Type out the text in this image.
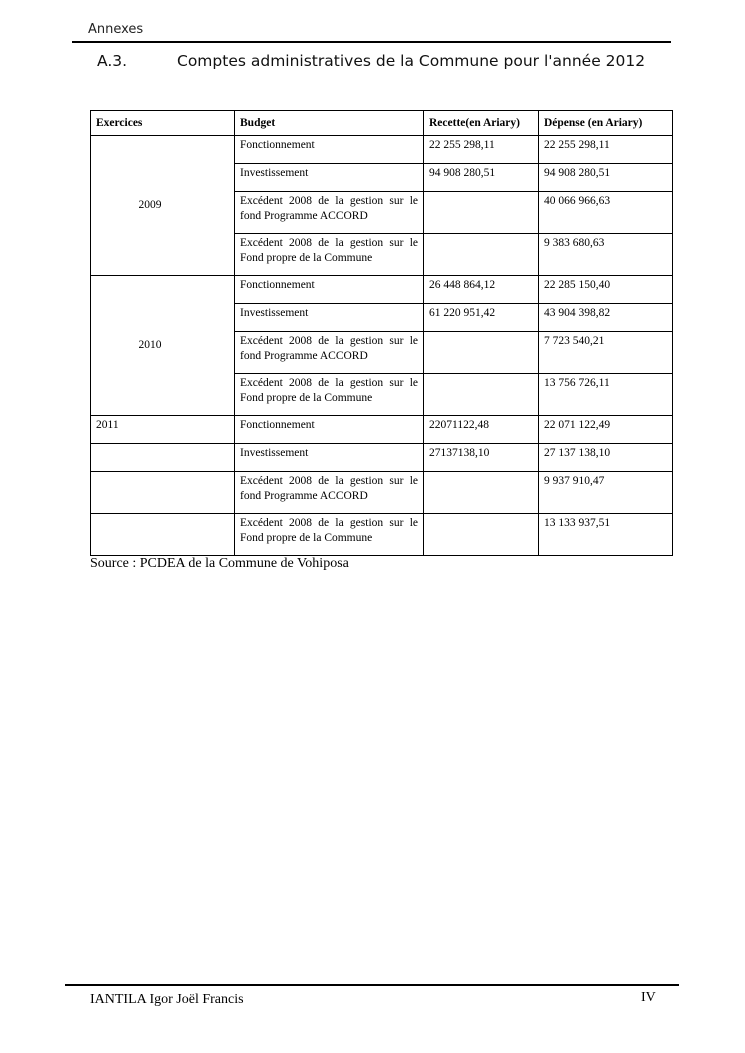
Annexes
A.3.	Comptes administratives de la Commune pour l'année 2012
Exercices	Budget	Recette(en Ariary)	Dépense (en Ariary)
2009	Fonctionnement	22 255 298,11	22 255 298,11
	Investissement	94 908 280,51	94 908 280,51
	Excédent 2008 de la gestion sur le fond Programme ACCORD		40 066 966,63
	Excédent 2008 de la gestion sur le Fond propre de la Commune		9 383 680,63
2010	Fonctionnement	26 448 864,12	22 285 150,40
	Investissement	61 220 951,42	43 904 398,82
	Excédent 2008 de la gestion sur le fond Programme ACCORD		7 723 540,21
	Excédent 2008 de la gestion sur le Fond propre de la Commune		13 756 726,11
2011	Fonctionnement	22071122,48	22 071 122,49
	Investissement	27137138,10	27 137 138,10
	Excédent 2008 de la gestion sur le fond Programme ACCORD		9 937 910,47
	Excédent 2008 de la gestion sur le Fond propre de la Commune		13 133 937,51
Source : PCDEA de la Commune de Vohiposa
IANTILA Igor Joël Francis	IV
